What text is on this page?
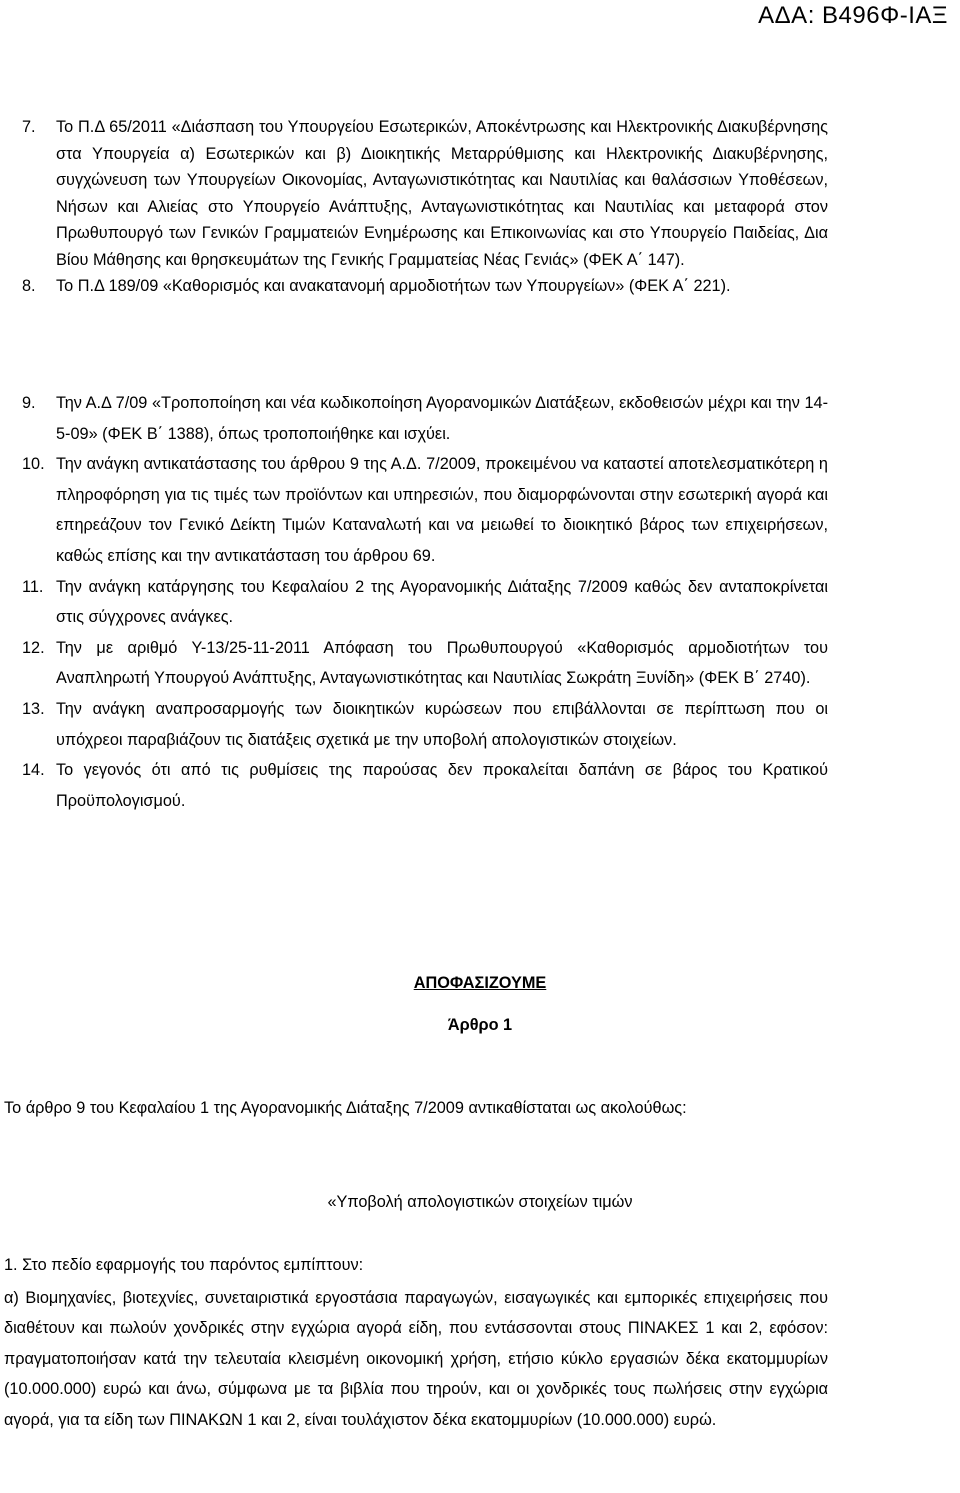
ΑΔΑ: Β496Φ-ΙΑΞ
7. Το Π.Δ 65/2011 «Διάσπαση του Υπουργείου Εσωτερικών, Αποκέντρωσης και Ηλεκτρονικής Διακυβέρνησης στα Υπουργεία α) Εσωτερικών και β) Διοικητικής Μεταρρύθμισης και Ηλεκτρονικής Διακυβέρνησης, συγχώνευση των Υπουργείων Οικονομίας, Ανταγωνιστικότητας και Ναυτιλίας και θαλάσσιων Υποθέσεων, Νήσων και Αλιείας στο Υπουργείο Ανάπτυξης, Ανταγωνιστικότητας και Ναυτιλίας και μεταφορά στον Πρωθυπουργό των Γενικών Γραμματειών Ενημέρωσης και Επικοινωνίας και στο Υπουργείο Παιδείας, Δια Βίου Μάθησης και θρησκευμάτων της Γενικής Γραμματείας Νέας Γενιάς» (ΦΕΚ Α΄ 147).
8. Το Π.Δ 189/09 «Καθορισμός και ανακατανομή αρμοδιοτήτων των Υπουργείων» (ΦΕΚ Α΄ 221).
9. Την Α.Δ 7/09 «Τροποποίηση και νέα κωδικοποίηση Αγορανομικών Διατάξεων, εκδοθεισών μέχρι και την 14-5-09» (ΦΕΚ Β΄ 1388), όπως τροποποιήθηκε και ισχύει.
10. Την ανάγκη αντικατάστασης του άρθρου 9 της Α.Δ. 7/2009, προκειμένου να καταστεί αποτελεσματικότερη η πληροφόρηση για τις τιμές των προϊόντων και υπηρεσιών, που διαμορφώνονται στην εσωτερική αγορά και επηρεάζουν τον Γενικό Δείκτη Τιμών Καταναλωτή και να μειωθεί το διοικητικό βάρος των επιχειρήσεων, καθώς επίσης και την αντικατάσταση του άρθρου 69.
11. Την ανάγκη κατάργησης του Κεφαλαίου 2 της Αγορανομικής Διάταξης 7/2009 καθώς δεν ανταποκρίνεται στις σύγχρονες ανάγκες.
12. Την με αριθμό Υ-13/25-11-2011 Απόφαση του Πρωθυπουργού «Καθορισμός αρμοδιοτήτων του Αναπληρωτή Υπουργού Ανάπτυξης, Ανταγωνιστικότητας και Ναυτιλίας Σωκράτη Ξυνίδη» (ΦΕΚ Β΄ 2740).
13. Την ανάγκη αναπροσαρμογής των διοικητικών κυρώσεων που επιβάλλονται σε περίπτωση που οι υπόχρεοι παραβιάζουν τις διατάξεις σχετικά με την υποβολή απολογιστικών στοιχείων.
14. Το γεγονός ότι από τις ρυθμίσεις της παρούσας δεν προκαλείται δαπάνη σε βάρος του Κρατικού Προϋπολογισμού.
ΑΠΟΦΑΣΙΖΟΥΜΕ
Άρθρο 1
Το άρθρο 9 του Κεφαλαίου 1 της Αγορανομικής Διάταξης 7/2009 αντικαθίσταται ως ακολούθως:
«Υποβολή απολογιστικών στοιχείων τιμών
1. Στο πεδίο εφαρμογής του παρόντος εμπίπτουν:
α) Βιομηχανίες, βιοτεχνίες, συνεταιριστικά εργοστάσια παραγωγών, εισαγωγικές και εμπορικές επιχειρήσεις που διαθέτουν και πωλούν χονδρικές στην εγχώρια αγορά είδη, που εντάσσονται στους ΠΙΝΑΚΕΣ 1 και 2, εφόσον: πραγματοποιήσαν κατά την τελευταία κλεισμένη οικονομική χρήση, ετήσιο κύκλο εργασιών δέκα εκατομμυρίων (10.000.000) ευρώ και άνω, σύμφωνα με τα βιβλία που τηρούν, και οι χονδρικές τους πωλήσεις στην εγχώρια αγορά, για τα είδη των ΠΙΝΑΚΩΝ 1 και 2, είναι τουλάχιστον δέκα εκατομμυρίων (10.000.000) ευρώ.
